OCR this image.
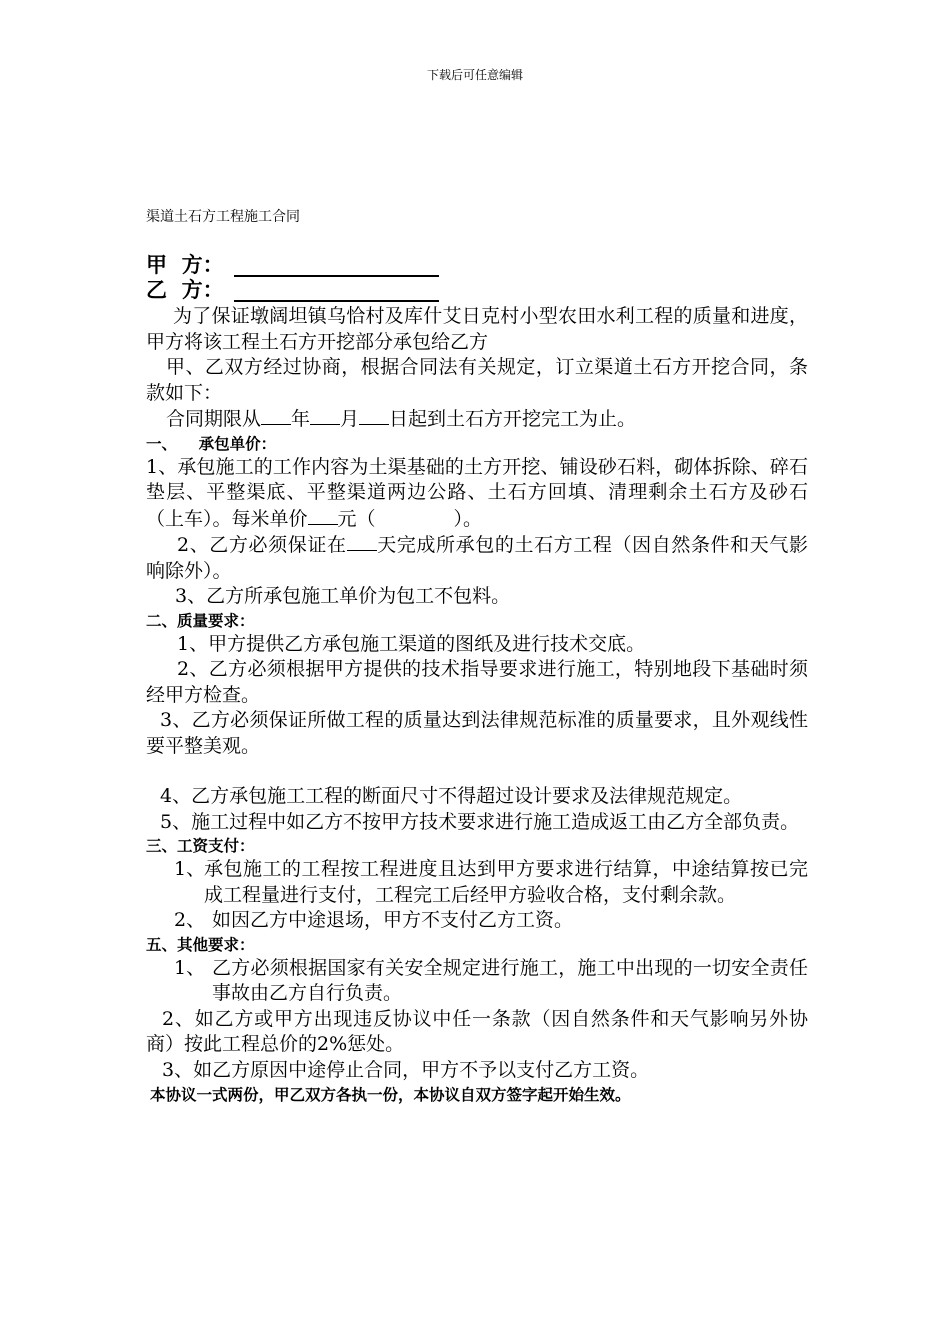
下载后可任意编辑
渠道土石方工程施工合同
甲  方：
乙  方：
为了保证墩阔坦镇乌恰村及库什艾日克村小型农田水利工程的质量和进度，甲方将该工程土石方开挖部分承包给乙方
甲、乙双方经过协商，根据合同法有关规定，订立渠道土石方开挖合同，条款如下：
合同期限从 年 月 日起到土石方开挖完工为止。
一、    承包单价：
1、承包施工的工作内容为土渠基础的土方开挖、铺设砂石料，砌体拆除、碎石垫层、平整渠底、平整渠道两边公路、土石方回填、清理剩余土石方及砂石（上车）。每米单价 元（	）。
2、乙方必须保证在 天完成所承包的土石方工程（因自然条件和天气影响除外）。
3、乙方所承包施工单价为包工不包料。
二、质量要求：
1、甲方提供乙方承包施工渠道的图纸及进行技术交底。
2、乙方必须根据甲方提供的技术指导要求进行施工，特别地段下基础时须经甲方检查。
3、乙方必须保证所做工程的质量达到法律规范标准的质量要求，且外观线性要平整美观。
4、乙方承包施工工程的断面尺寸不得超过设计要求及法律规范规定。
5、施工过程中如乙方不按甲方技术要求进行施工造成返工由乙方全部负责。
三、工资支付：
1、
承包施工的工程按工程进度且达到甲方要求进行结算，中途结算按已完成工程量进行支付，工程完工后经甲方验收合格，支付剩余款。
2、 如因乙方中途退场，甲方不支付乙方工资。
五、其他要求：
1、 乙方必须根据国家有关安全规定进行施工，施工中出现的一切安全责任事故由乙方自行负责。
2、如乙方或甲方出现违反协议中任一条款（因自然条件和天气影响另外协商）按此工程总价的2%惩处。
3、如乙方原因中途停止合同，甲方不予以支付乙方工资。
本协议一式两份，甲乙双方各执一份，本协议自双方签字起开始生效。
